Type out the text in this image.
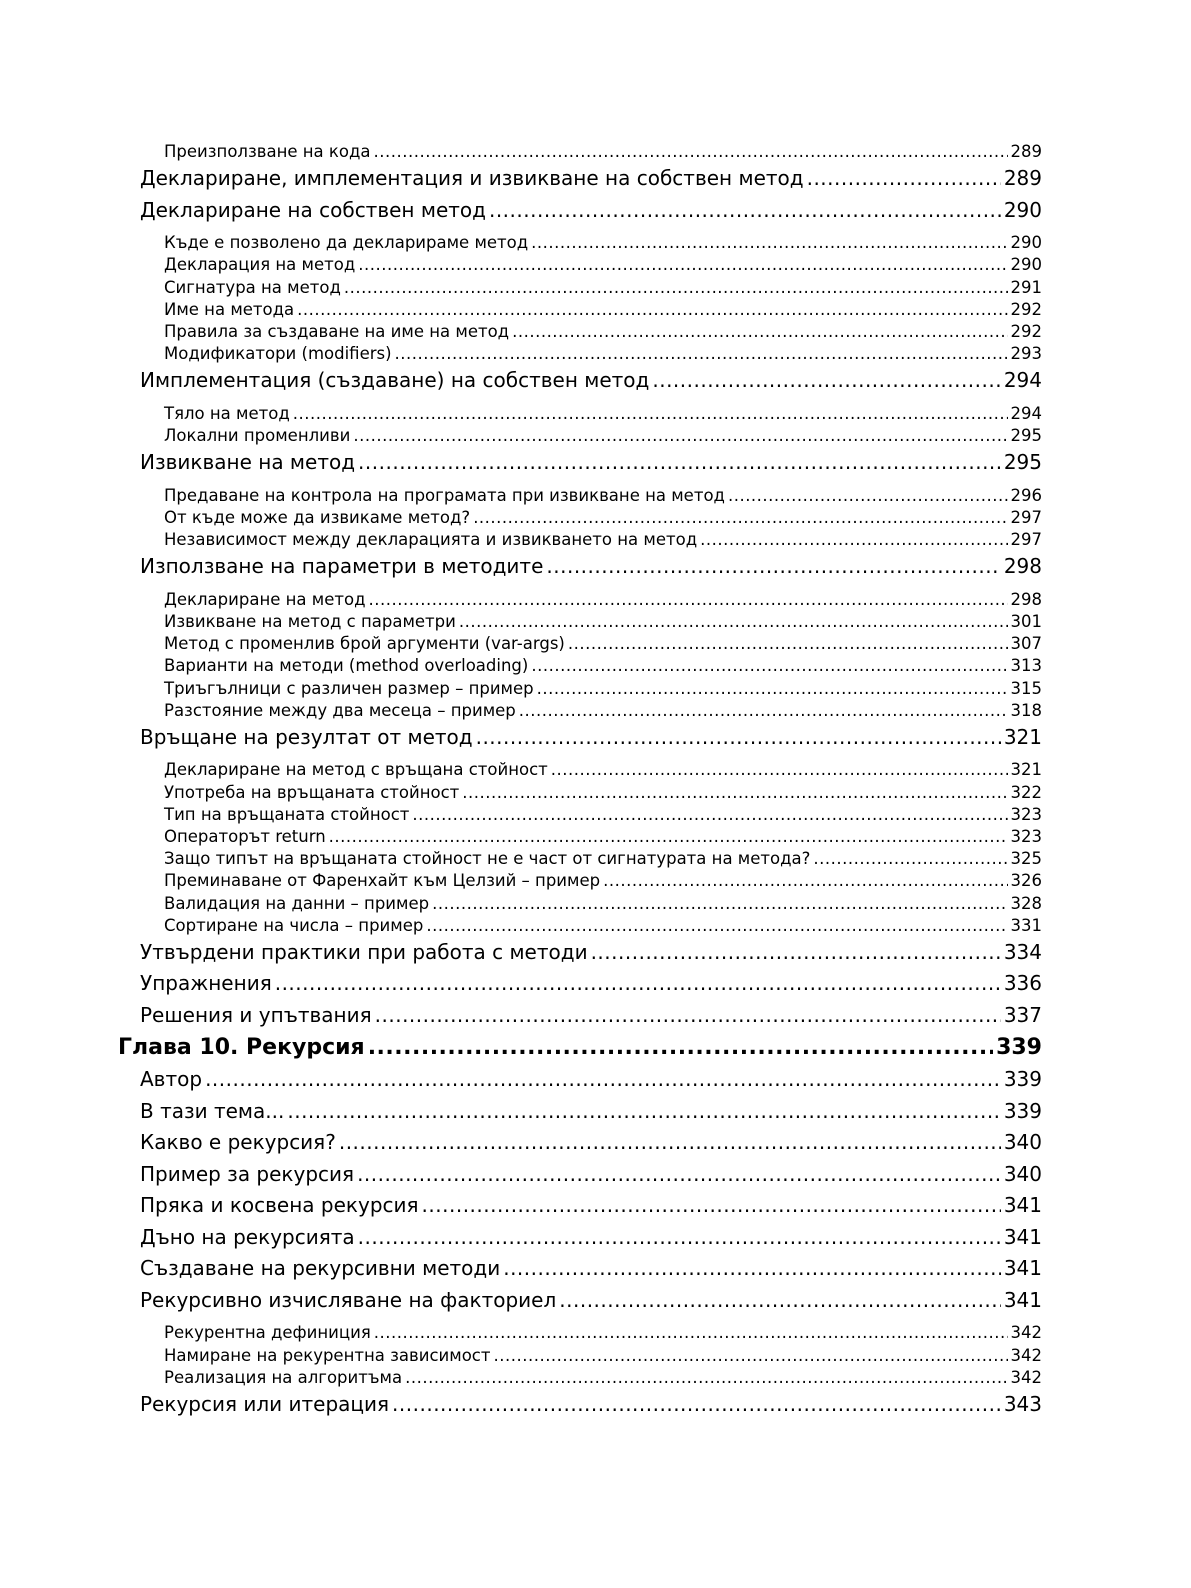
Преизползване на кода .....	289
Деклариране, имплементация и извикване на собствен метод .....	289
Деклариране на собствен метод .....	290
Къде е позволено да декларираме метод .....	290
Декларация на метод .....	290
Сигнатура на метод .....	291
Име на метода .....	292
Правила за създаване на име на метод .....	292
Модификатори (modifiers) .....	293
Имплементация (създаване) на собствен метод .....	294
Тяло на метод .....	294
Локални променливи .....	295
Извикване на метод .....	295
Предаване на контрола на програмата при извикване на метод .....	296
От къде може да извикаме метод? .....	297
Независимост между декларацията и извикването на метод .....	297
Използване на параметри в методите .....	298
Деклариране на метод .....	298
Извикване на метод с параметри .....	301
Метод с променлив брой аргументи (var-args) .....	307
Варианти на методи (method overloading) .....	313
Триъгълници с различен размер – пример .....	315
Разстояние между два месеца – пример .....	318
Връщане на резултат от метод .....	321
Деклариране на метод с връщана стойност .....	321
Употреба на връщаната стойност .....	322
Тип на връщаната стойност .....	323
Операторът return .....	323
Защо типът на връщаната стойност не е част от сигнатурата на метода? .....	325
Преминаване от Фаренхайт към Целзий – пример .....	326
Валидация на данни – пример .....	328
Сортиране на числа – пример .....	331
Утвърдени практики при работа с методи .....	334
Упражнения .....	336
Решения и упътвания .....	337
Глава 10. Рекурсия .....	339
Автор .....	339
В тази тема... .....	339
Какво е рекурсия? .....	340
Пример за рекурсия .....	340
Пряка и косвена рекурсия .....	341
Дъно на рекурсията .....	341
Създаване на рекурсивни методи .....	341
Рекурсивно изчисляване на факториел .....	341
Рекурентна дефиниция .....	342
Намиране на рекурентна зависимост .....	342
Реализация на алгоритъма .....	342
Рекурсия или итерация .....	343
